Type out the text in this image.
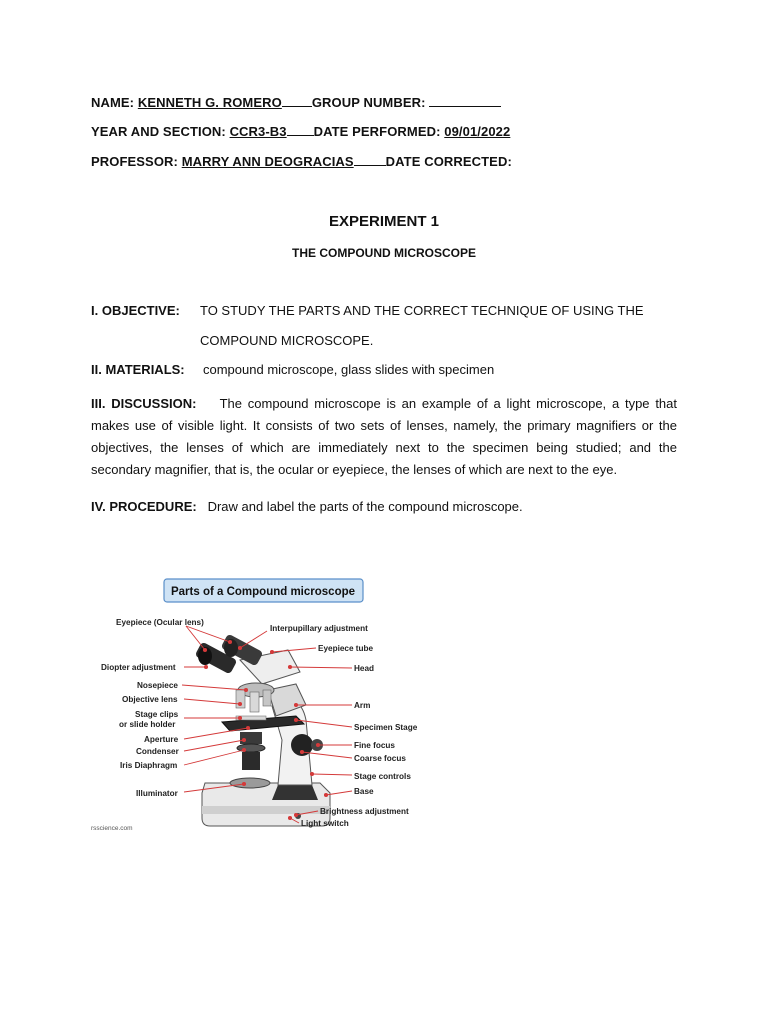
NAME: KENNETH G. ROMERO GROUP NUMBER:
YEAR AND SECTION: CCR3-B3 DATE PERFORMED: 09/01/2022
PROFESSOR: MARRY ANN DEOGRACIAS DATE CORRECTED:
EXPERIMENT 1
THE COMPOUND MICROSCOPE
I. OBJECTIVE: TO STUDY THE PARTS AND THE CORRECT TECHNIQUE OF USING THE
COMPOUND MICROSCOPE.
II. MATERIALS: compound microscope, glass slides with specimen
III. DISCUSSION: The compound microscope is an example of a light microscope, a type that makes use of visible light. It consists of two sets of lenses, namely, the primary magnifiers or the objectives, the lenses of which are immediately next to the specimen being studied; and the secondary magnifier, that is, the ocular or eyepiece, the lenses of which are next to the eye.
IV. PROCEDURE: Draw and label the parts of the compound microscope.
Parts of a Compound microscope
Eyepiece (Ocular lens)
Diopter adjustment
Nosepiece
Objective lens
Stage clips
or slide holder
Aperture
Condenser
Iris Diaphragm
Illuminator
Interpupillary adjustment
Eyepiece tube
Head
Arm
Specimen Stage
Fine focus
Coarse focus
Stage controls
Base
Brightness adjustment
Light switch
rsscience.com
